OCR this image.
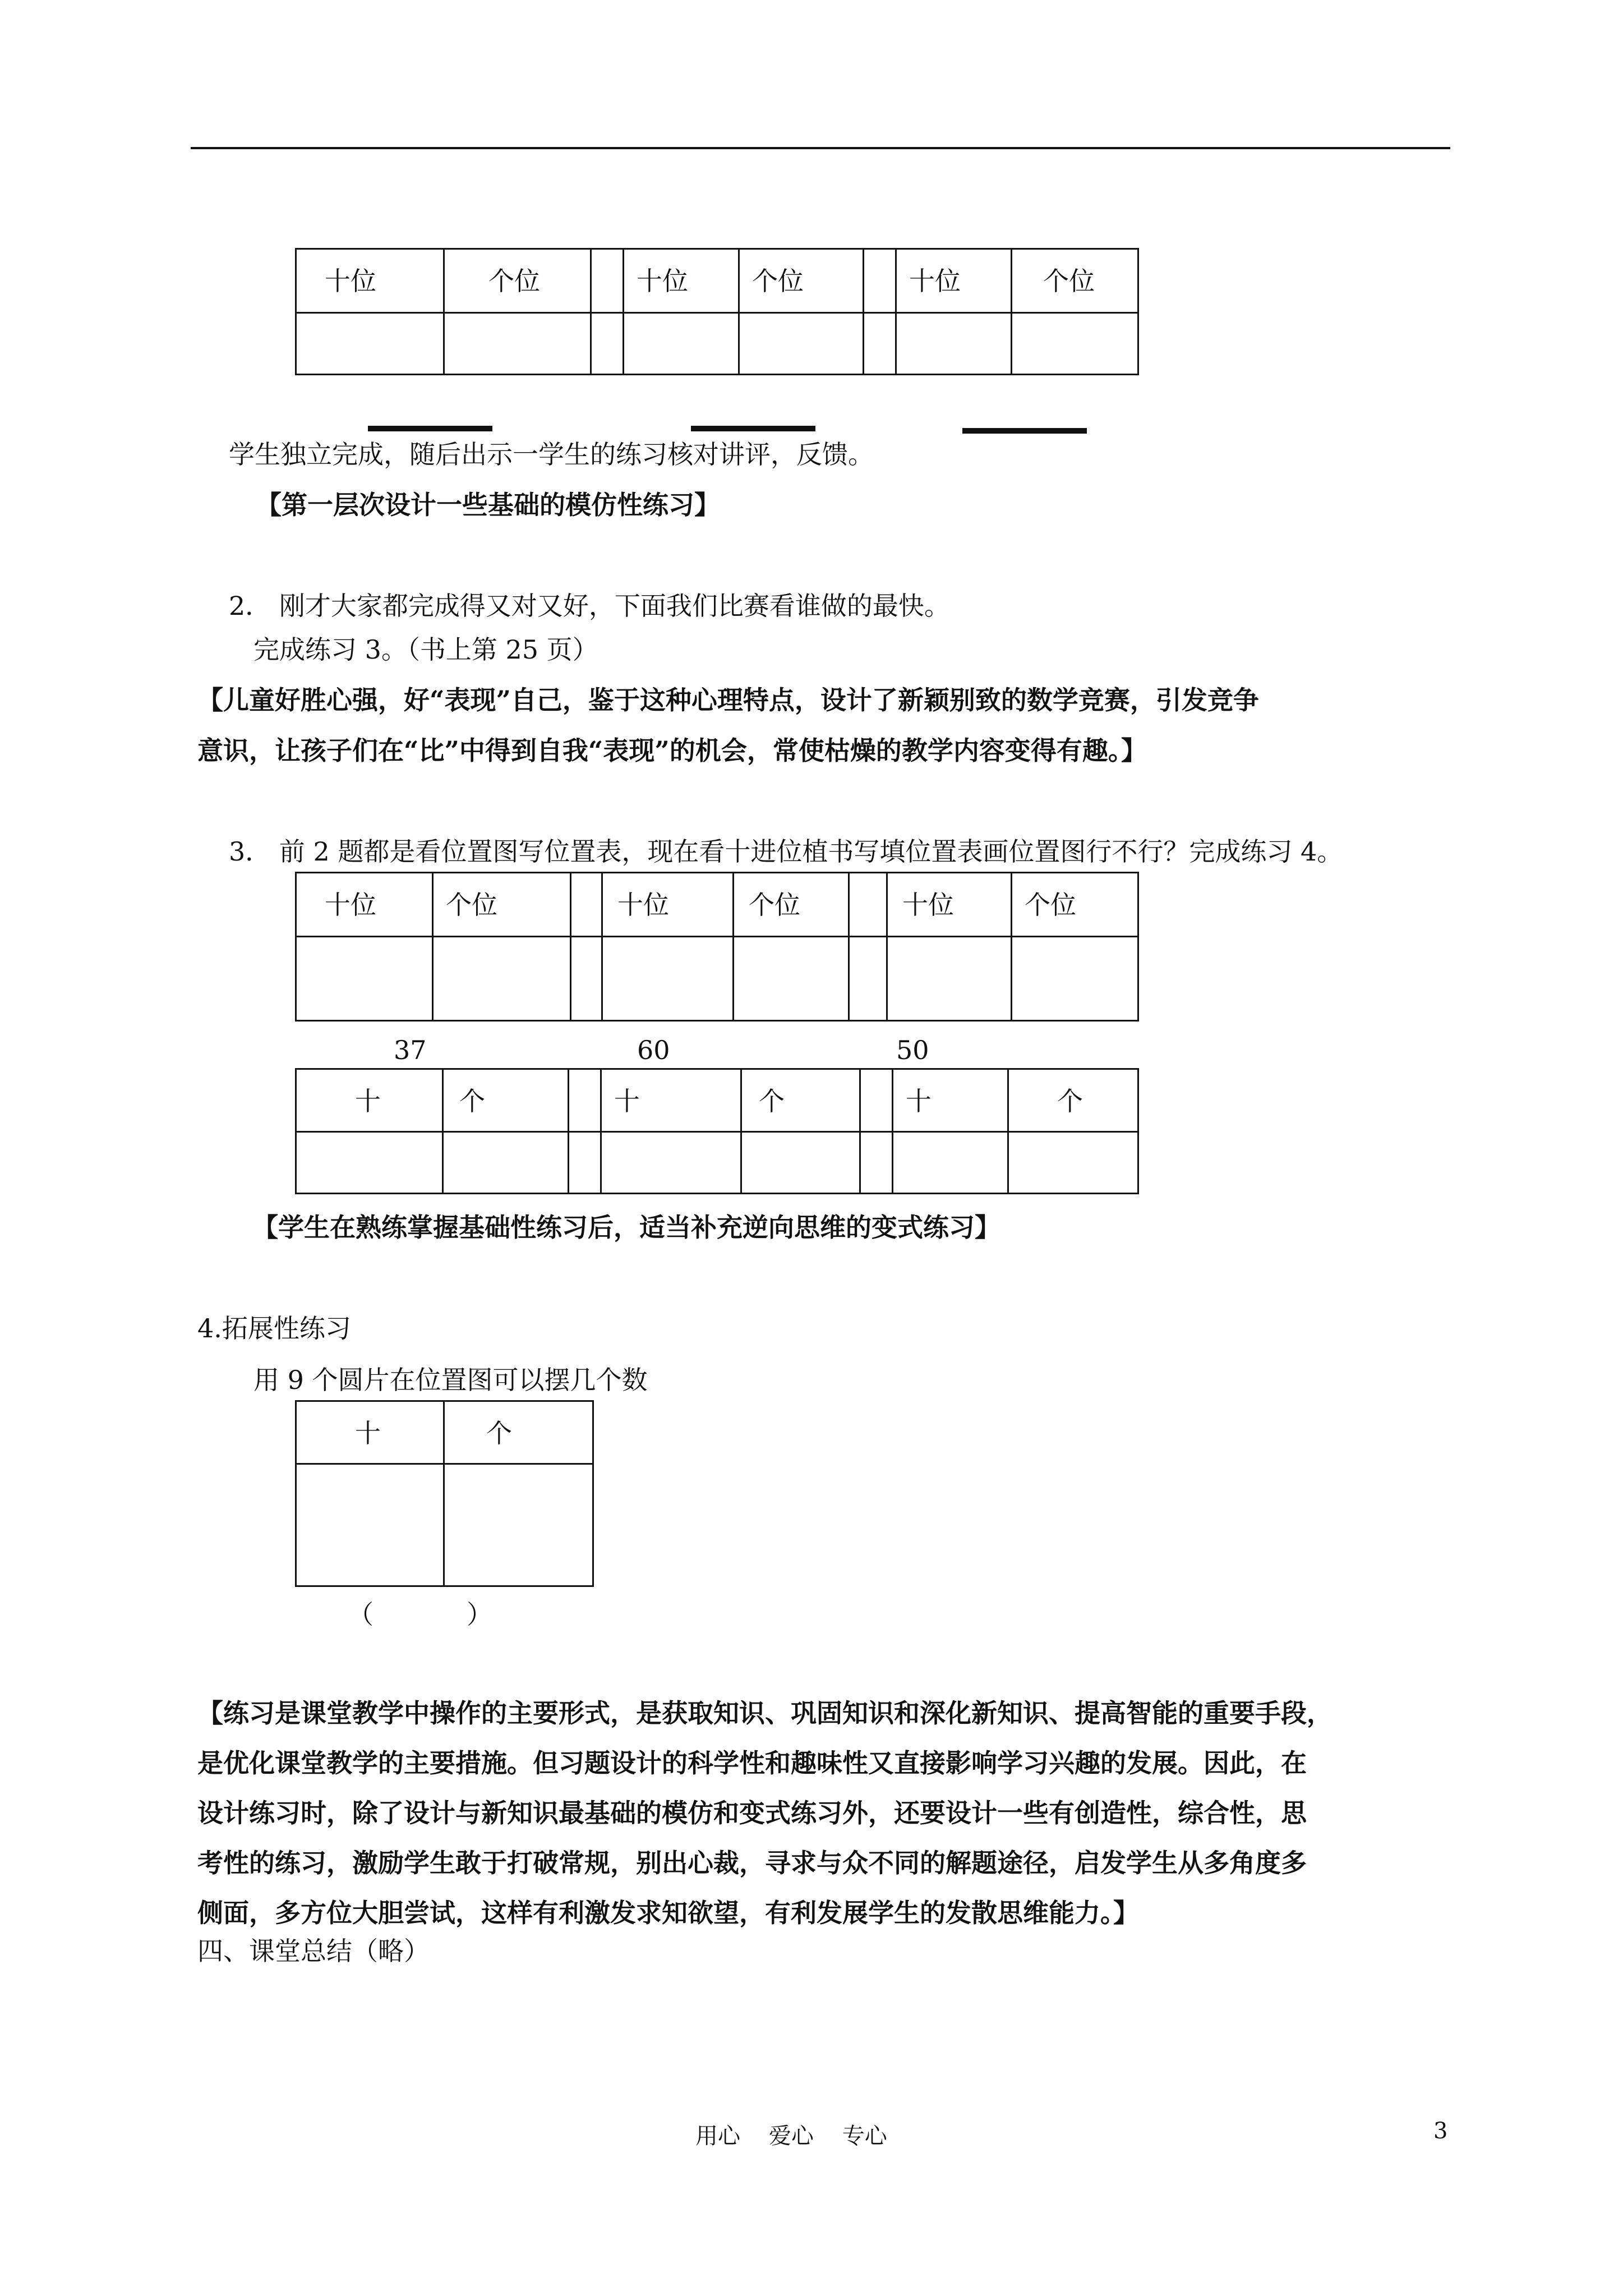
十位	个位		十位	个位		十位	个位

学生独立完成，随后出示一学生的练习核对讲评，反馈。
【第一层次设计一些基础的模仿性练习】
2． 刚才大家都完成得又对又好，下面我们比赛看谁做的最快。
完成练习 3。（书上第 25 页）
【儿童好胜心强，好“表现”自己，鉴于这种心理特点，设计了新颖别致的数学竞赛，引发竞争
意识，让孩子们在“比”中得到自我“表现”的机会，常使枯燥的教学内容变得有趣。】
3． 前 2 题都是看位置图写位置表，现在看十进位植书写填位置表画位置图行不行？完成练习 4。
十位	个位		十位	个位		十位	个位

37	60	50
十	个		十	个		十	个

【学生在熟练掌握基础性练习后，适当补充逆向思维的变式练习】
4.拓展性练习
用 9 个圆片在位置图可以摆几个数
十	个

（	）
【练习是课堂教学中操作的主要形式，是获取知识、巩固知识和深化新知识、提高智能的重要手段，
是优化课堂教学的主要措施。但习题设计的科学性和趣味性又直接影响学习兴趣的发展。因此，在
设计练习时，除了设计与新知识最基础的模仿和变式练习外，还要设计一些有创造性，综合性，思
考性的练习，激励学生敢于打破常规，别出心裁，寻求与众不同的解题途径，启发学生从多角度多
侧面，多方位大胆尝试，这样有利激发求知欲望，有利发展学生的发散思维能力。】
四、课堂总结（略）
用心    爱心    专心	3
